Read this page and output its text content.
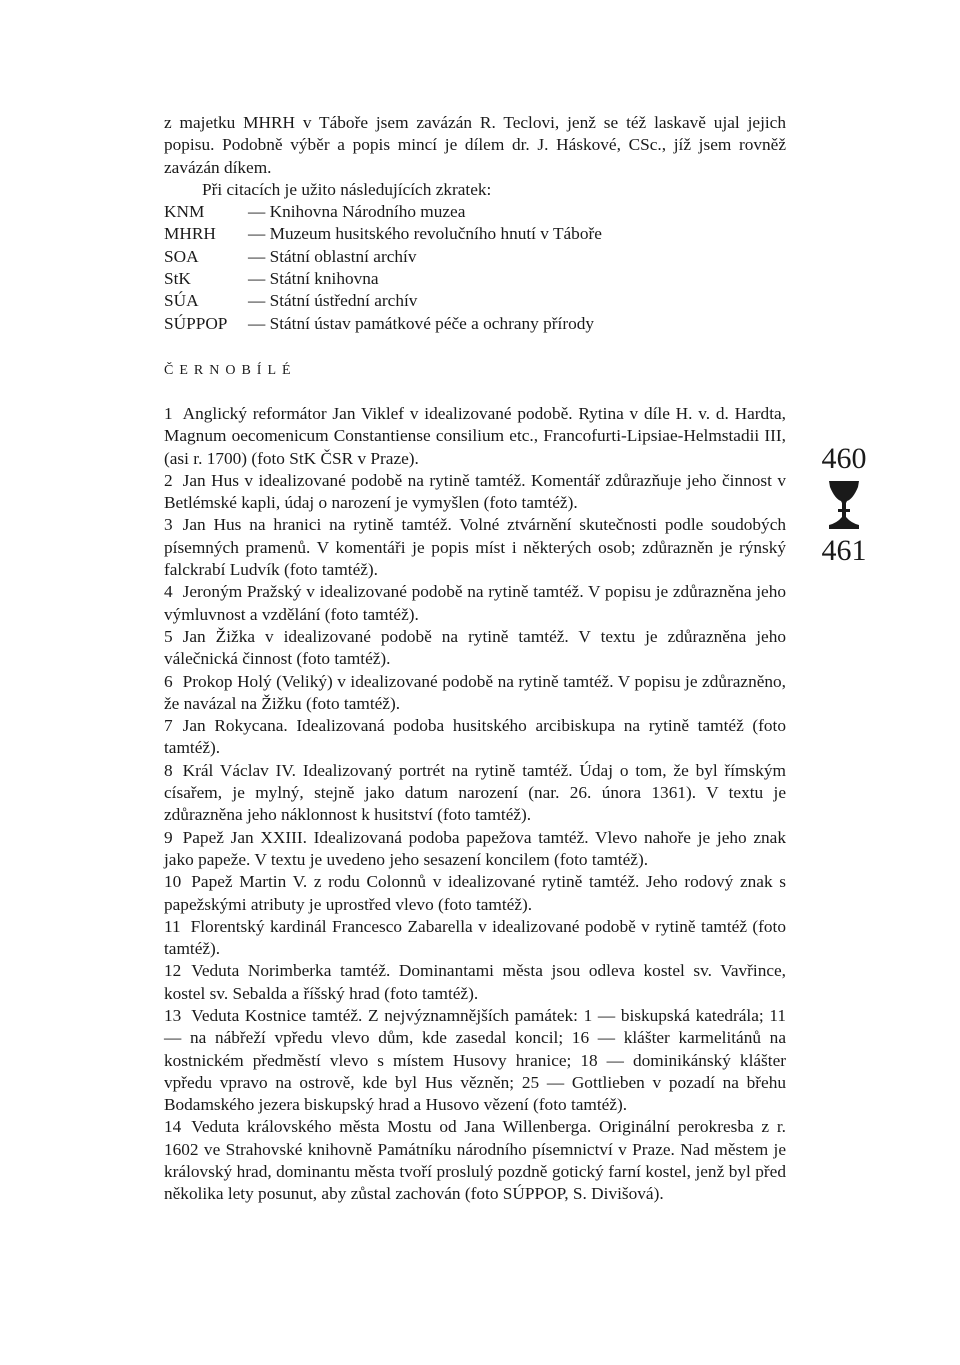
z majetku MHRH v Táboře jsem zavázán R. Teclovi, jenž se též laskavě ujal jejich popisu. Podobně výběr a popis mincí je dílem dr. J. Háskové, CSc., jíž jsem rovněž zavázán díkem.

Při citacích je užito následujících zkratek:

KNM	— Knihovna Národního muzea
MHRH	— Muzeum husitského revolučního hnutí v Táboře
SOA	— Státní oblastní archív
StK	— Státní knihovna
SÚA	— Státní ústřední archív
SÚPPOP	— Státní ústav památkové péče a ochrany přírody
ČERNOBÍLÉ

1 Anglický reformátor Jan Viklef v idealizované podobě. Rytina v díle H. v. d. Hardta, Magnum oecomenicum Constantiense consilium etc., Francofurti-Lipsiae-Helmstadii III, (asi r. 1700) (foto StK ČSR v Praze).

2 Jan Hus v idealizované podobě na rytině tamtéž. Komentář zdůrazňuje jeho činnost v Betlémské kapli, údaj o narození je vymyšlen (foto tamtéž).

3 Jan Hus na hranici na rytině tamtéž. Volné ztvárnění skutečnosti podle soudobých písemných pramenů. V komentáři je popis míst i některých osob; zdůrazněn je rýnský falckrabí Ludvík (foto tamtéž).

4 Jeroným Pražský v idealizované podobě na rytině tamtéž. V popisu je zdůrazněna jeho výmluvnost a vzdělání (foto tamtéž).

5 Jan Žižka v idealizované podobě na rytině tamtéž. V textu je zdůrazněna jeho válečnická činnost (foto tamtéž).

6 Prokop Holý (Veliký) v idealizované podobě na rytině tamtéž. V popisu je zdůrazněno, že navázal na Žižku (foto tamtéž).

7 Jan Rokycana. Idealizovaná podoba husitského arcibiskupa na rytině tamtéž (foto tamtéž).

8 Král Václav IV. Idealizovaný portrét na rytině tamtéž. Údaj o tom, že byl římským císařem, je mylný, stejně jako datum narození (nar. 26. února 1361). V textu je zdůrazněna jeho náklonnost k husitství (foto tamtéž).

9 Papež Jan XXIII. Idealizovaná podoba papežova tamtéž. Vlevo nahoře je jeho znak jako papeže. V textu je uvedeno jeho sesazení koncilem (foto tamtéž).

10 Papež Martin V. z rodu Colonnů v idealizované rytině tamtéž. Jeho rodový znak s papežskými atributy je uprostřed vlevo (foto tamtéž).

11 Florentský kardinál Francesco Zabarella v idealizované podobě v rytině tamtéž (foto tamtéž).

12 Veduta Norimberka tamtéž. Dominantami města jsou odleva kostel sv. Vavřince, kostel sv. Sebalda a říšský hrad (foto tamtéž).

13 Veduta Kostnice tamtéž. Z nejvýznamnějších památek: 1 — biskupská katedrála; 11 — na nábřeží vpředu vlevo dům, kde zasedal koncil; 16 — klášter karmelitánů na kostnickém předměstí vlevo s místem Husovy hranice; 18 — dominikánský klášter vpředu vpravo na ostrově, kde byl Hus vězněn; 25 — Gottlieben v pozadí na břehu Bodamského jezera biskupský hrad a Husovo vězení (foto tamtéž).

14 Veduta královského města Mostu od Jana Willenberga. Originální perokresba z r. 1602 ve Strahovské knihovně Památníku národního písemnictví v Praze. Nad městem je královský hrad, dominantu města tvoří proslulý pozdně gotický farní kostel, jenž byl před několika lety posunut, aby zůstal zachován (foto SÚPPOP, S. Divišová).

460
461
